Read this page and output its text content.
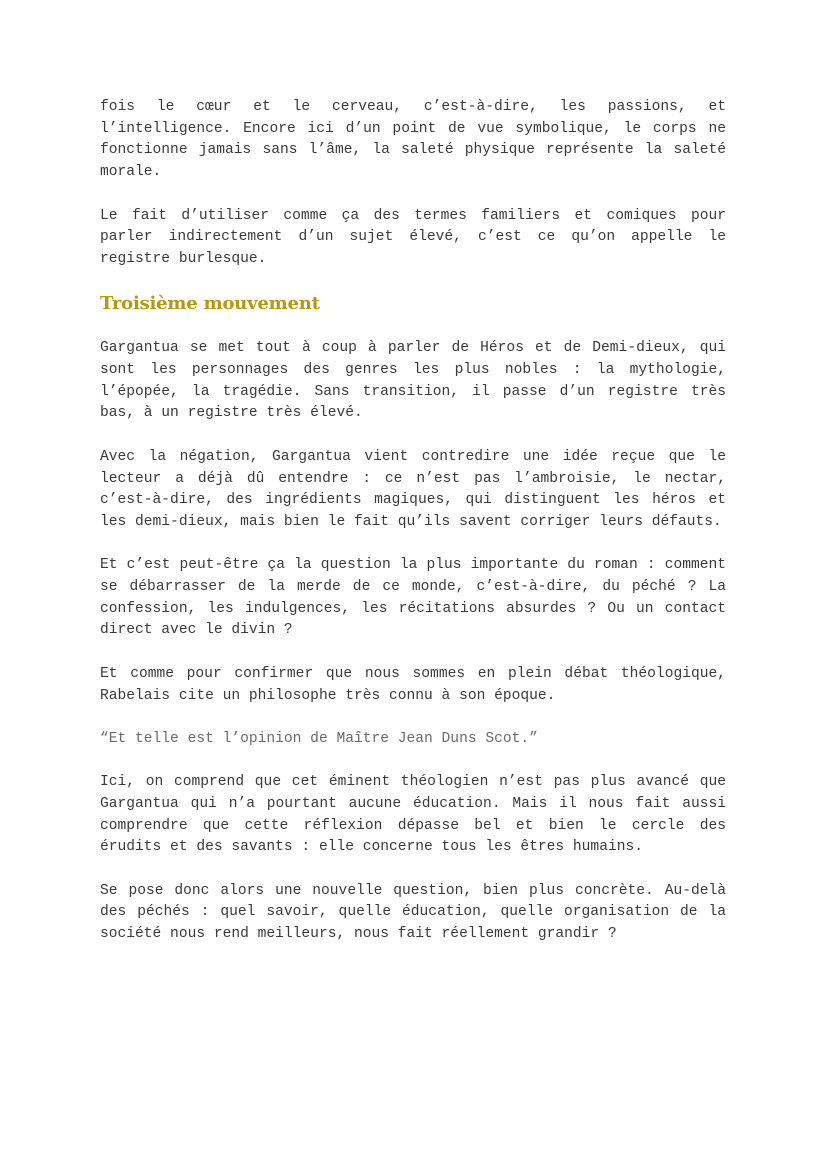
fois le cœur et le cerveau, c’est-à-dire, les passions, et l’intelligence. Encore ici d’un point de vue symbolique, le corps ne fonctionne jamais sans l’âme, la saleté physique représente la saleté morale.

Le fait d’utiliser comme ça des termes familiers et comiques pour parler indirectement d’un sujet élevé, c’est ce qu’on appelle le registre burlesque.

Troisième mouvement

Gargantua se met tout à coup à parler de Héros et de Demi-dieux, qui sont les personnages des genres les plus nobles : la mythologie, l’épopée, la tragédie. Sans transition, il passe d’un registre très bas, à un registre très élevé.

Avec la négation, Gargantua vient contredire une idée reçue que le lecteur a déjà dû entendre : ce n’est pas l’ambroisie, le nectar, c’est-à-dire, des ingrédients magiques, qui distinguent les héros et les demi-dieux, mais bien le fait qu’ils savent corriger leurs défauts.

Et c’est peut-être ça la question la plus importante du roman : comment se débarrasser de la merde de ce monde, c’est-à-dire, du péché ? La confession, les indulgences, les récitations absurdes ? Ou un contact direct avec le divin ?

Et comme pour confirmer que nous sommes en plein débat théologique, Rabelais cite un philosophe très connu à son époque.

“Et telle est l’opinion de Maître Jean Duns Scot.”

Ici, on comprend que cet éminent théologien n’est pas plus avancé que Gargantua qui n’a pourtant aucune éducation. Mais il nous fait aussi comprendre que cette réflexion dépasse bel et bien le cercle des érudits et des savants : elle concerne tous les êtres humains.

Se pose donc alors une nouvelle question, bien plus concrète. Au-delà des péchés : quel savoir, quelle éducation, quelle organisation de la société nous rend meilleurs, nous fait réellement grandir ?
